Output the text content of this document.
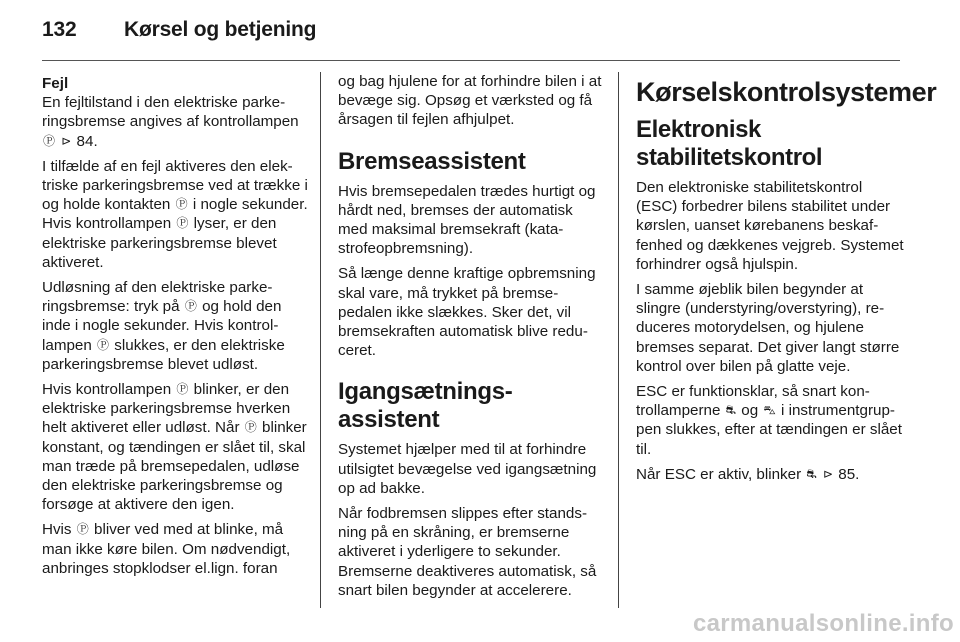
132 Kørsel og betjening

Fejl

En fejltilstand i den elektriske parkeringsbremse angives af kontrollampen Ⓟ ⊳ 84.

I tilfælde af en fejl aktiveres den elektriske parkeringsbremse ved at trække i og holde kontakten Ⓟ i nogle sekunder. Hvis kontrollampen Ⓟ lyser, er den elektriske parkeringsbremse blevet aktiveret.

Udløsning af den elektriske parkeringsbremse: tryk på Ⓟ og hold den inde i nogle sekunder. Hvis kontrollampen Ⓟ slukkes, er den elektriske parkeringsbremse blevet udløst.

Hvis kontrollampen Ⓟ blinker, er den elektriske parkeringsbremse hverken helt aktiveret eller udløst. Når Ⓟ blinker konstant, og tændingen er slået til, skal man træde på bremsepedalen, udløse den elektriske parkeringsbremse og forsøge at aktivere den igen.

Hvis Ⓟ bliver ved med at blinke, må man ikke køre bilen. Om nødvendigt, anbringes stopklodser el.lign. foran

og bag hjulene for at forhindre bilen i at bevæge sig. Opsøg et værksted og få årsagen til fejlen afhjulpet.

Bremseassistent

Hvis bremsepedalen trædes hurtigt og hårdt ned, bremses der automatisk med maksimal bremsekraft (katastrofeopbremsning).

Så længe denne kraftige opbremsning skal vare, må trykket på bremsepedalen ikke slækkes. Sker det, vil bremsekraften automatisk blive reduceret.

Igangsætnings-assistent

Systemet hjælper med til at forhindre utilsigtet bevægelse ved igangsætning op ad bakke.

Når fodbremsen slippes efter standsning på en skråning, er bremserne aktiveret i yderligere to sekunder. Bremserne deaktiveres automatisk, så snart bilen begynder at accelerere.

Kørselskontrolsystemer
Elektronisk stabilitetskontrol

Den elektroniske stabilitetskontrol (ESC) forbedrer bilens stabilitet under kørslen, uanset kørebanens beskaffenhed og dækkenes vejgreb. Systemet forhindrer også hjulspin.

I samme øjeblik bilen begynder at slingre (understyring/overstyring), reduceres motorydelsen, og hjulene bremses separat. Det giver langt større kontrol over bilen på glatte veje.

ESC er funktionsklar, så snart kontrollamperne ⛐ og ⛍ i instrumentgruppen slukkes, efter at tændingen er slået til.

Når ESC er aktiv, blinker ⛐ ⊳ 85.

carmanualsonline.info
